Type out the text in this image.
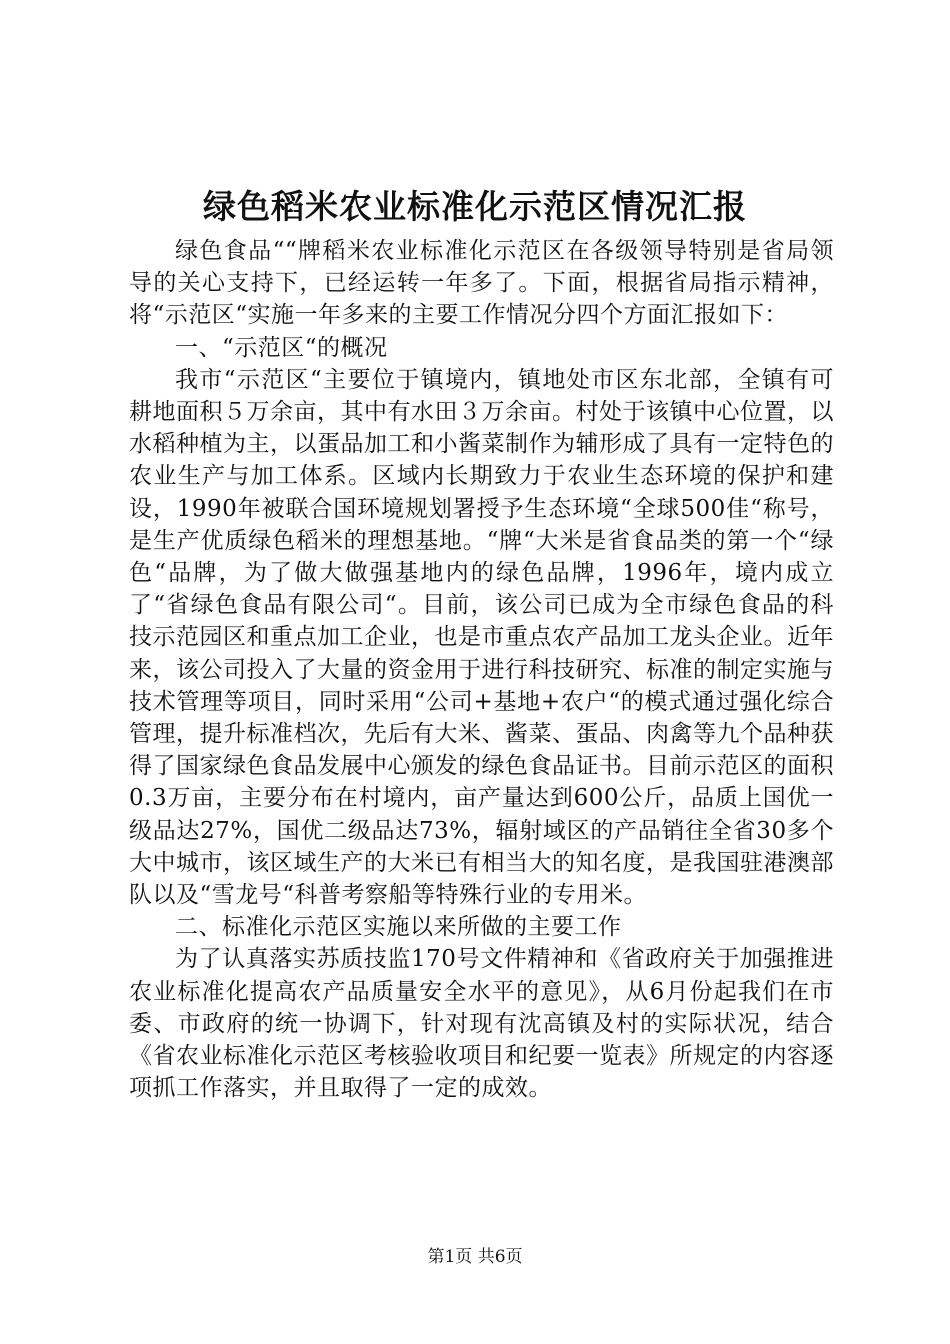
绿色稻米农业标准化示范区情况汇报

绿色食品““牌稻米农业标准化示范区在各级领导特别是省局领导的关心支持下，已经运转一年多了。下面，根据省局指示精神，将“示范区“实施一年多来的主要工作情况分四个方面汇报如下：

一、“示范区“的概况

我市“示范区“主要位于镇境内，镇地处市区东北部，全镇有可耕地面积５万余亩，其中有水田３万余亩。村处于该镇中心位置，以水稻种植为主，以蛋品加工和小酱菜制作为辅形成了具有一定特色的农业生产与加工体系。区域内长期致力于农业生态环境的保护和建设，1990年被联合国环境规划署授予生态环境“全球500佳“称号，是生产优质绿色稻米的理想基地。“牌“大米是省食品类的第一个“绿色“品牌，为了做大做强基地内的绿色品牌，1996年，境内成立了“省绿色食品有限公司“。目前，该公司已成为全市绿色食品的科技示范园区和重点加工企业，也是市重点农产品加工龙头企业。近年来，该公司投入了大量的资金用于进行科技研究、标准的制定实施与技术管理等项目，同时采用“公司+基地+农户“的模式通过强化综合管理，提升标准档次，先后有大米、酱菜、蛋品、肉禽等九个品种获得了国家绿色食品发展中心颁发的绿色食品证书。目前示范区的面积0.3万亩，主要分布在村境内，亩产量达到600公斤，品质上国优一级品达27%，国优二级品达73%，辐射域区的产品销往全省30多个大中城市，该区域生产的大米已有相当大的知名度，是我国驻港澳部队以及“雪龙号“科普考察船等特殊行业的专用米。

二、标准化示范区实施以来所做的主要工作

为了认真落实苏质技监170号文件精神和《省政府关于加强推进农业标准化提高农产品质量安全水平的意见》，从6月份起我们在市委、市政府的统一协调下，针对现有沈高镇及村的实际状况，结合《省农业标准化示范区考核验收项目和纪要一览表》所规定的内容逐项抓工作落实，并且取得了一定的成效。

第1页 共6页
